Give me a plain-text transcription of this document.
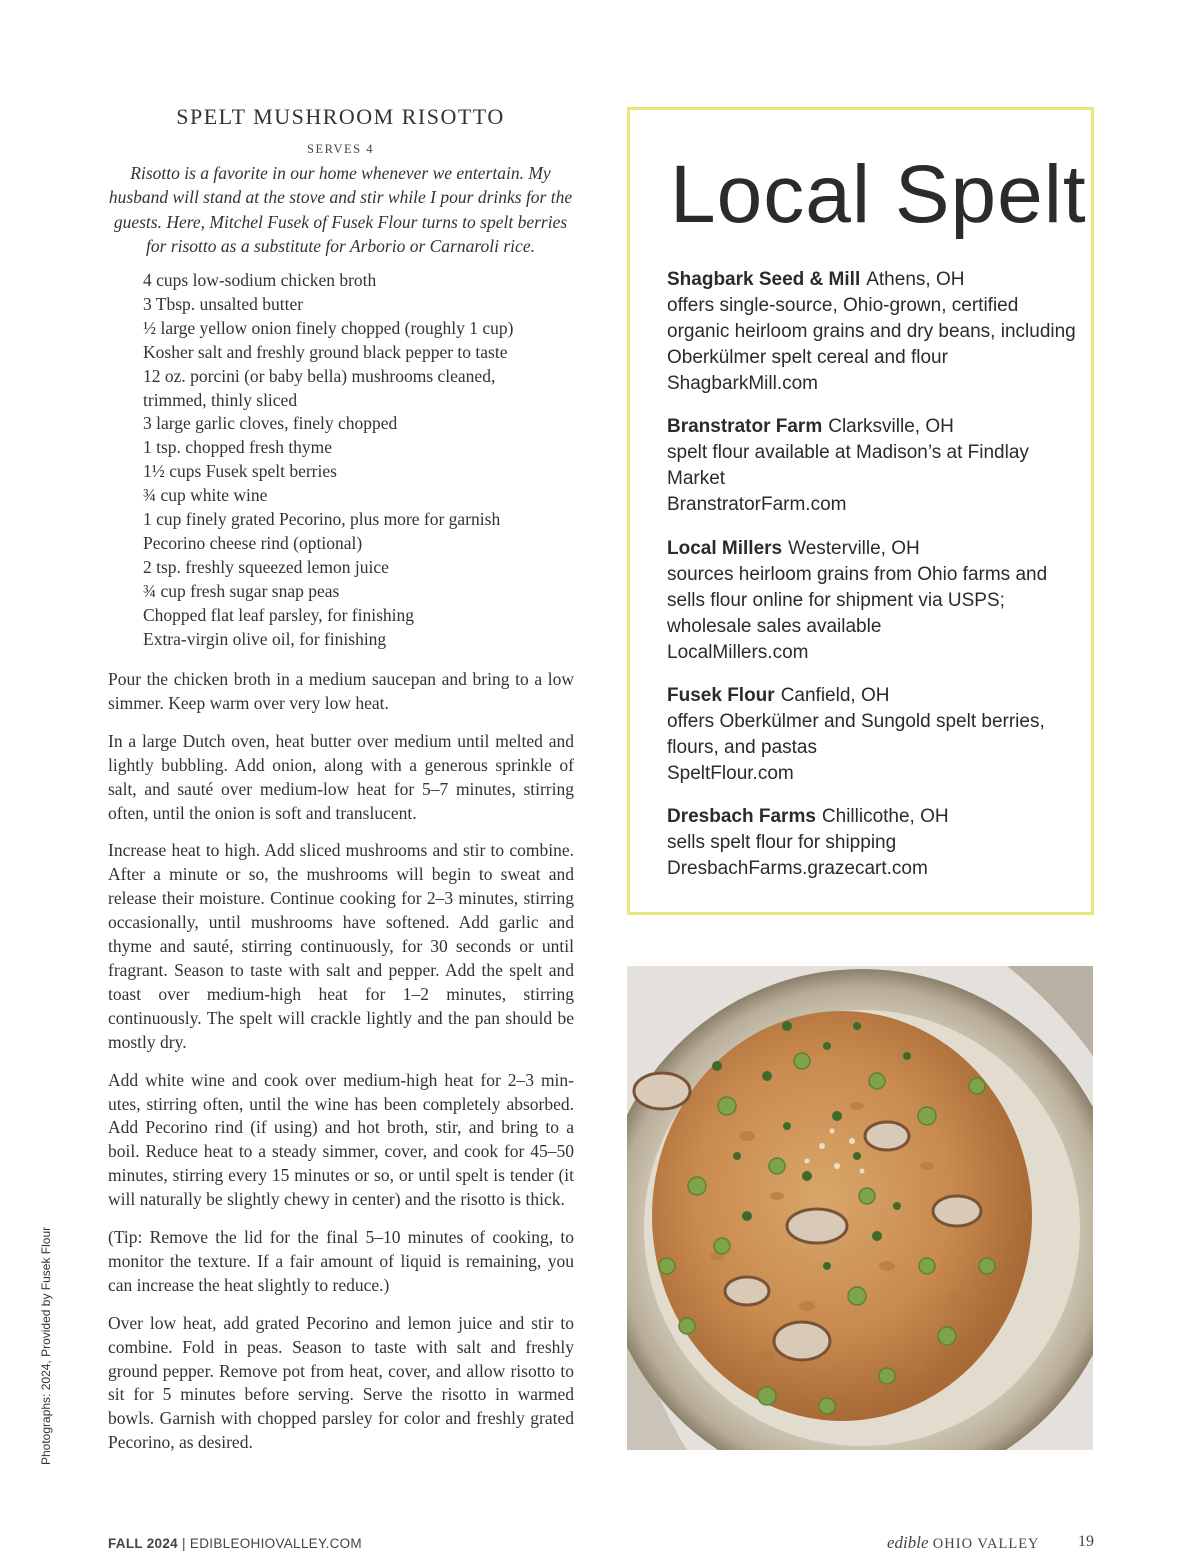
SPELT MUSHROOM RISOTTO
SERVES 4
Risotto is a favorite in our home whenever we entertain. My husband will stand at the stove and stir while I pour drinks for the guests. Here, Mitchel Fusek of Fusek Flour turns to spelt berries for risotto as a substitute for Arborio or Carnaroli rice.
4 cups low-sodium chicken broth
3 Tbsp. unsalted butter
½ large yellow onion finely chopped (roughly 1 cup)
Kosher salt and freshly ground black pepper to taste
12 oz. porcini (or baby bella) mushrooms cleaned,
trimmed, thinly sliced
3 large garlic cloves, finely chopped
1 tsp. chopped fresh thyme
1½ cups Fusek spelt berries
¾ cup white wine
1 cup finely grated Pecorino, plus more for garnish
Pecorino cheese rind (optional)
2 tsp. freshly squeezed lemon juice
¾ cup fresh sugar snap peas
Chopped flat leaf parsley, for finishing
Extra-virgin olive oil, for finishing

Pour the chicken broth in a medium saucepan and bring to a low simmer. Keep warm over very low heat.

In a large Dutch oven, heat butter over medium until melted and lightly bubbling. Add onion, along with a generous sprinkle of salt, and sauté over medium-low heat for 5–7 minutes, stirring often, until the onion is soft and translucent.

Increase heat to high. Add sliced mushrooms and stir to combine. After a minute or so, the mushrooms will begin to sweat and release their moisture. Continue cooking for 2–3 minutes, stirring occasionally, until mushrooms have softened. Add garlic and thyme and sauté, stirring continuously, for 30 seconds or until fragrant. Season to taste with salt and pepper. Add the spelt and toast over medium-high heat for 1–2 minutes, stirring continuously. The spelt will crackle lightly and the pan should be mostly dry.

Add white wine and cook over medium-high heat for 2–3 minutes, stirring often, until the wine has been completely absorbed. Add Pecorino rind (if using) and hot broth, stir, and bring to a boil. Reduce heat to a steady simmer, cover, and cook for 45–50 minutes, stirring every 15 minutes or so, or until spelt is tender (it will naturally be slightly chewy in center) and the risotto is thick.

(Tip: Remove the lid for the final 5–10 minutes of cooking, to monitor the texture. If a fair amount of liquid is remaining, you can increase the heat slightly to reduce.)

Over low heat, add grated Pecorino and lemon juice and stir to combine. Fold in peas. Season to taste with salt and freshly ground pepper. Remove pot from heat, cover, and allow risotto to sit for 5 minutes before serving. Serve the risotto in warmed bowls. Garnish with chopped parsley for color and freshly grated Pecorino, as desired.

Photographs: 2024, Provided by Fusek Flour
Local Spelt
Shagbark Seed & Mill Athens, OH
offers single-source, Ohio-grown, certified organic heirloom grains and dry beans, including Oberkülmer spelt cereal and flour
ShagbarkMill.com
Branstrator Farm Clarksville, OH
spelt flour available at Madison’s at Findlay Market
BranstratorFarm.com
Local Millers Westerville, OH
sources heirloom grains from Ohio farms and sells flour online for shipment via USPS; wholesale sales available
LocalMillers.com
Fusek Flour Canfield, OH
offers Oberkülmer and Sungold spelt berries, flours, and pastas
SpeltFlour.com
Dresbach Farms Chillicothe, OH
sells spelt flour for shipping
DresbachFarms.grazecart.com
FALL 2024 | EDIBLEOHIOVALLEY.COM	edible OHIO VALLEY 19
